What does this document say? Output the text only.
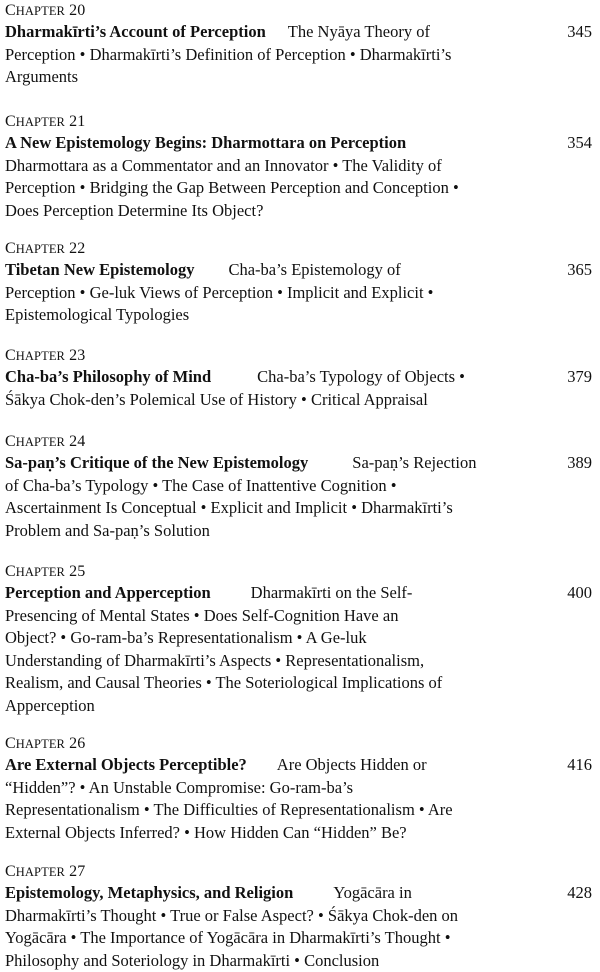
CHAPTER 20
Dharmakīrti’s Account of Perception The Nyāya Theory of
Perception • Dharmakīrti’s Definition of Perception • Dharmakīrti’s
Arguments
345
CHAPTER 21
A New Epistemology Begins: Dharmottara on Perception
Dharmottara as a Commentator and an Innovator • The Validity of
Perception • Bridging the Gap Between Perception and Conception •
Does Perception Determine Its Object?
354
CHAPTER 22
Tibetan New Epistemology Cha-ba’s Epistemology of
Perception • Ge-luk Views of Perception • Implicit and Explicit •
Epistemological Typologies
365
CHAPTER 23
Cha-ba’s Philosophy of Mind	Cha-ba’s Typology of Objects •
Śākya Chok-den’s Polemical Use of History • Critical Appraisal
379
CHAPTER 24
Sa-paṇ’s Critique of the New Epistemology	Sa-paṇ’s Rejection
of Cha-ba’s Typology • The Case of Inattentive Cognition •
Ascertainment Is Conceptual • Explicit and Implicit • Dharmakīrti’s
Problem and Sa-paṇ’s Solution
389
CHAPTER 25
Perception and Apperception Dharmakīrti on the Self-
Presencing of Mental States • Does Self-Cognition Have an
Object? • Go-ram-ba’s Representationalism • A Ge-luk
Understanding of Dharmakīrti’s Aspects • Representationalism,
Realism, and Causal Theories • The Soteriological Implications of
Apperception
400
CHAPTER 26
Are External Objects Perceptible? Are Objects Hidden or
“Hidden”? • An Unstable Compromise: Go-ram-ba’s
Representationalism • The Difficulties of Representationalism • Are
External Objects Inferred? • How Hidden Can “Hidden” Be?
416
CHAPTER 27
Epistemology, Metaphysics, and Religion Yogācāra in
Dharmakīrti’s Thought • True or False Aspect? • Śākya Chok-den on
Yogācāra • The Importance of Yogācāra in Dharmakīrti’s Thought •
Philosophy and Soteriology in Dharmakīrti • Conclusion
428
